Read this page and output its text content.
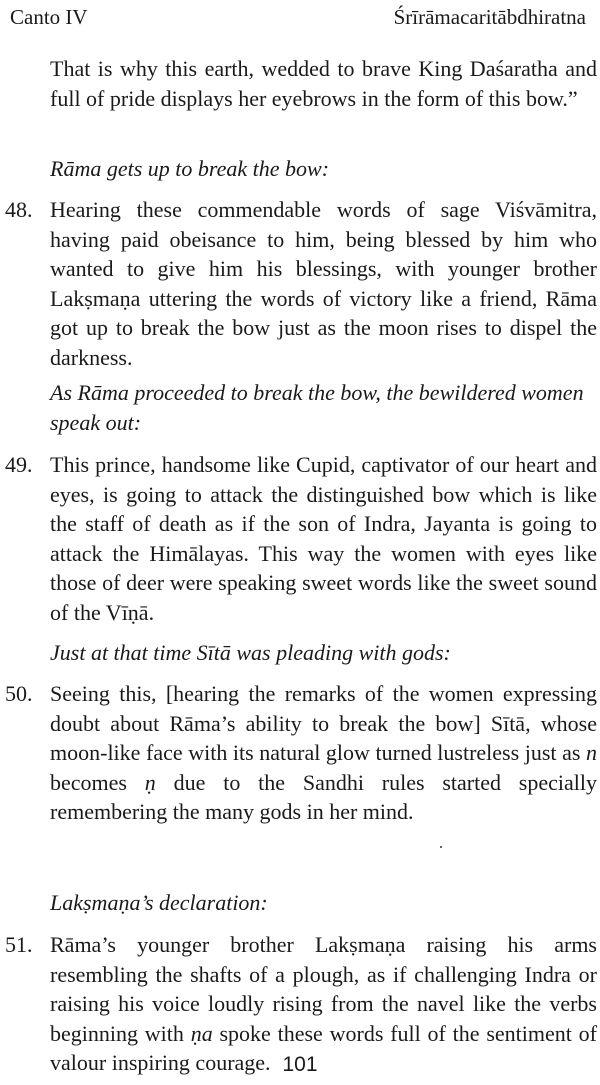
Canto IV	Śrīrāmacaritābdhiratna
That is why this earth, wedded to brave King Daśaratha and full of pride displays her eyebrows in the form of this bow.”
Rāma gets up to break the bow:
48. Hearing these commendable words of sage Viśvāmitra, having paid obeisance to him, being blessed by him who wanted to give him his blessings, with younger brother Lakṣmaṇa uttering the words of victory like a friend, Rāma got up to break the bow just as the moon rises to dispel the darkness.
As Rāma proceeded to break the bow, the bewildered women speak out:
49. This prince, handsome like Cupid, captivator of our heart and eyes, is going to attack the distinguished bow which is like the staff of death as if the son of Indra, Jayanta is going to attack the Himālayas. This way the women with eyes like those of deer were speaking sweet words like the sweet sound of the Vīṇā.
Just at that time Sītā was pleading with gods:
50. Seeing this, [hearing the remarks of the women expressing doubt about Rāma’s ability to break the bow] Sītā, whose moon-like face with its natural glow turned lustreless just as n becomes ṇ due to the Sandhi rules started specially remembering the many gods in her mind.
Lakṣmaṇa’s declaration:
51. Rāma’s younger brother Lakṣmaṇa raising his arms resembling the shafts of a plough, as if challenging Indra or raising his voice loudly rising from the navel like the verbs beginning with ṇa spoke these words full of the sentiment of valour inspiring courage. 101
